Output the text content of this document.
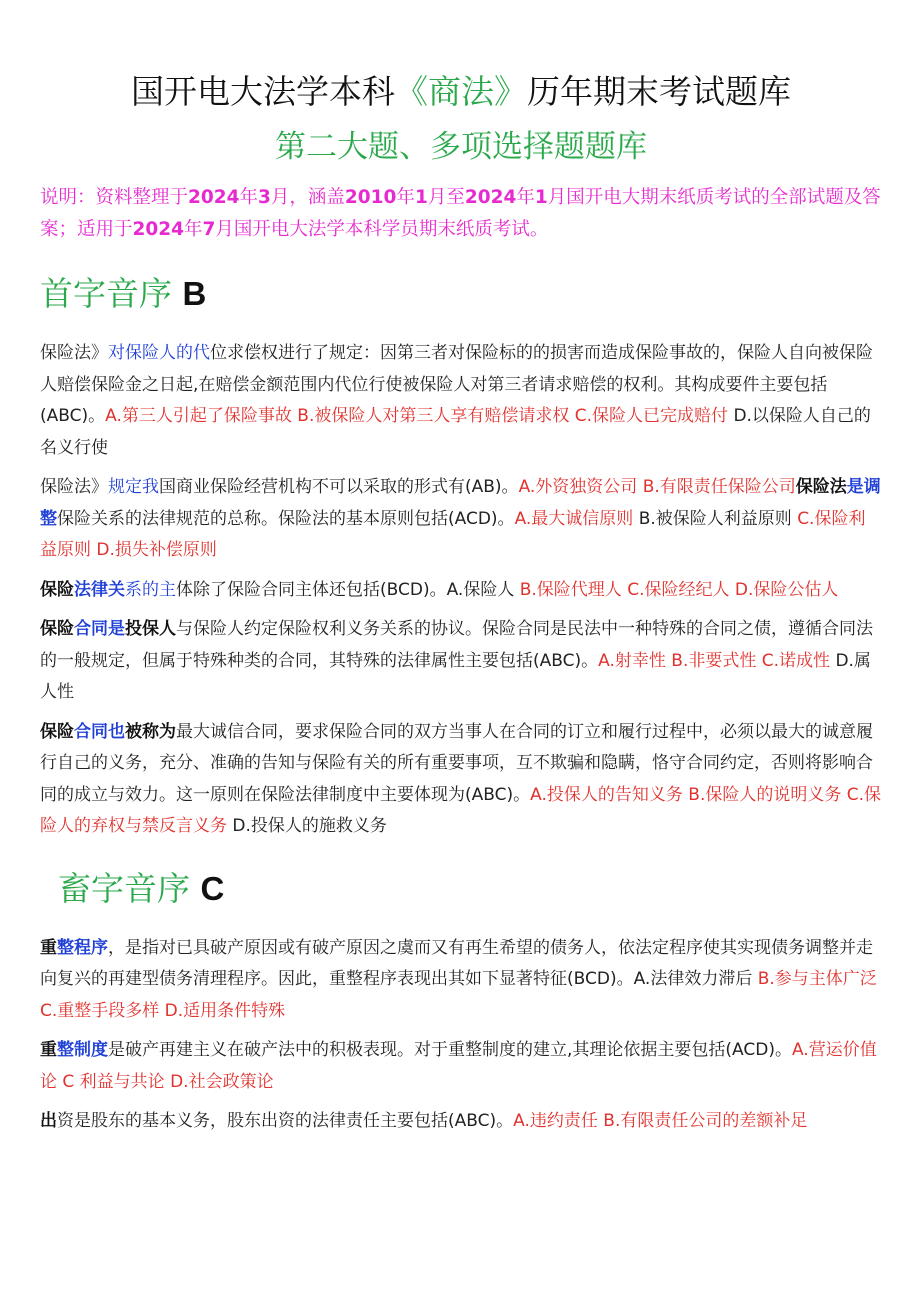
国开电大法学本科《商法》历年期末考试题库
第二大题、多项选择题题库

说明：资料整理于2024年3月，涵盖2010年1月至2024年1月国开电大期末纸质考试的全部试题及答案；适用于2024年7月国开电大法学本科学员期末纸质考试。

首字音序 B

保险法》对保险人的代位求偿权进行了规定：因第三者对保险标的的损害而造成保险事故的，保险人自向被保险人赔偿保险金之日起,在赔偿金额范围内代位行使被保险人对第三者请求赔偿的权利。其构成要件主要包括(ABC)。A.第三人引起了保险事故 B.被保险人对第三人享有赔偿请求权 C.保险人已完成赔付 D.以保险人自己的名义行使

保险法》规定我国商业保险经营机构不可以采取的形式有(AB)。A.外资独资公司 B.有限责任保险公司保险法是调整保险关系的法律规范的总称。保险法的基本原则包括(ACD)。A.最大诚信原则 B.被保险人利益原则 C.保险利益原则 D.损失补偿原则

保险法律关系的主体除了保险合同主体还包括(BCD)。A.保险人 B.保险代理人 C.保险经纪人 D.保险公估人

保险合同是投保人与保险人约定保险权利义务关系的协议。保险合同是民法中一种特殊的合同之债，遵循合同法的一般规定，但属于特殊种类的合同，其特殊的法律属性主要包括(ABC)。A.射幸性 B.非要式性 C.诺成性 D.属人性

保险合同也被称为最大诚信合同，要求保险合同的双方当事人在合同的订立和履行过程中，必须以最大的诚意履行自己的义务，充分、准确的告知与保险有关的所有重要事项，互不欺骗和隐瞒，恪守合同约定，否则将影响合同的成立与效力。这一原则在保险法律制度中主要体现为(ABC)。A.投保人的告知义务 B.保险人的说明义务 C.保险人的弃权与禁反言义务 D.投保人的施救义务

畜字音序 C

重整程序，是指对已具破产原因或有破产原因之虞而又有再生希望的债务人，依法定程序使其实现债务调整并走向复兴的再建型债务清理程序。因此，重整程序表现出其如下显著特征(BCD)。A.法律效力滞后 B.参与主体广泛 C.重整手段多样 D.适用条件特殊

重整制度是破产再建主义在破产法中的积极表现。对于重整制度的建立,其理论依据主要包括(ACD)。A.营运价值论 C 利益与共论 D.社会政策论

出资是股东的基本义务，股东出资的法律责任主要包括(ABC)。A.违约责任 B.有限责任公司的差额补足
